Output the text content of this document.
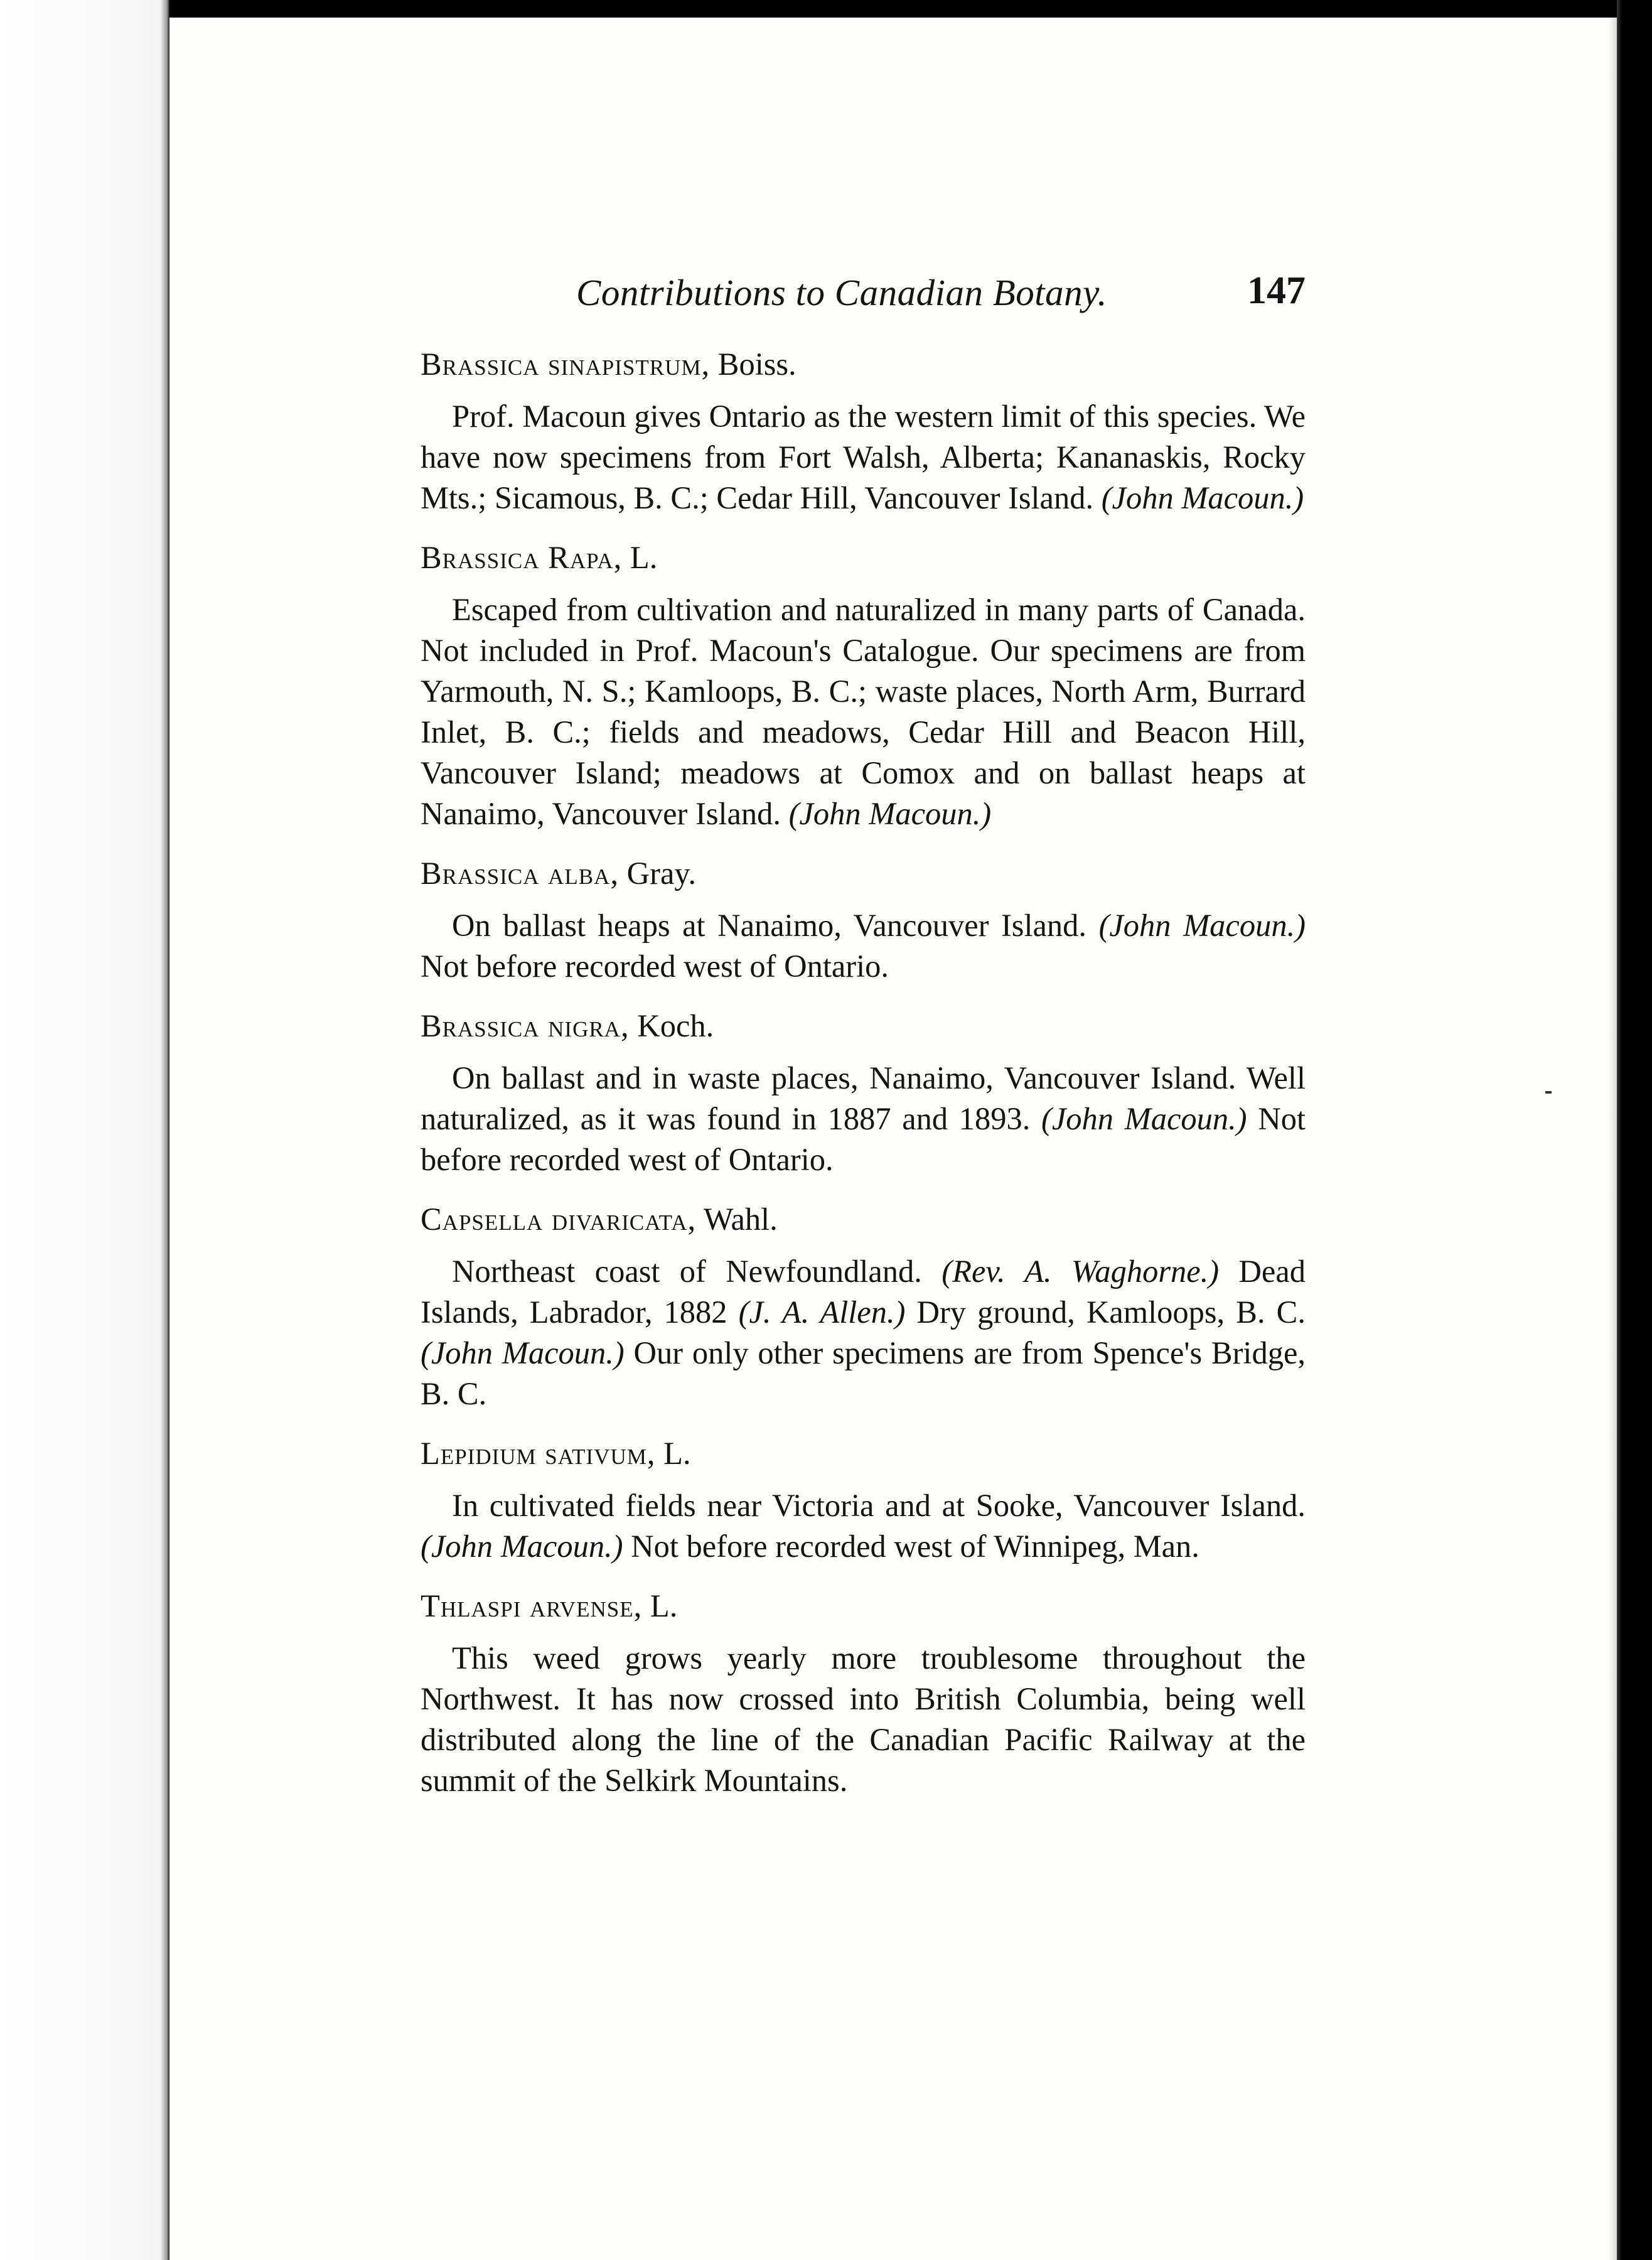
Contributions to Canadian Botany.	147

Brassica sinapistrum, Boiss.

Prof. Macoun gives Ontario as the western limit of this species. We have now specimens from Fort Walsh, Alberta; Kananaskis, Rocky Mts.; Sicamous, B. C.; Cedar Hill, Vancouver Island. (John Macoun.)

Brassica Rapa, L.

Escaped from cultivation and naturalized in many parts of Canada. Not included in Prof. Macoun's Catalogue. Our specimens are from Yarmouth, N. S.; Kamloops, B. C.; waste places, North Arm, Burrard Inlet, B. C.; fields and meadows, Cedar Hill and Beacon Hill, Vancouver Island; meadows at Comox and on ballast heaps at Nanaimo, Vancouver Island. (John Macoun.)

Brassica alba, Gray.

On ballast heaps at Nanaimo, Vancouver Island. (John Macoun.) Not before recorded west of Ontario.

Brassica nigra, Koch.

On ballast and in waste places, Nanaimo, Vancouver Island. Well naturalized, as it was found in 1887 and 1893. (John Macoun.) Not before recorded west of Ontario.

Capsella divaricata, Wahl.

Northeast coast of Newfoundland. (Rev. A. Waghorne.) Dead Islands, Labrador, 1882 (J. A. Allen.) Dry ground, Kamloops, B. C. (John Macoun.) Our only other specimens are from Spence's Bridge, B. C.

Lepidium sativum, L.

In cultivated fields near Victoria and at Sooke, Vancouver Island. (John Macoun.) Not before recorded west of Winnipeg, Man.

Thlaspi arvense, L.

This weed grows yearly more troublesome throughout the Northwest. It has now crossed into British Columbia, being well distributed along the line of the Canadian Pacific Railway at the summit of the Selkirk Mountains.
